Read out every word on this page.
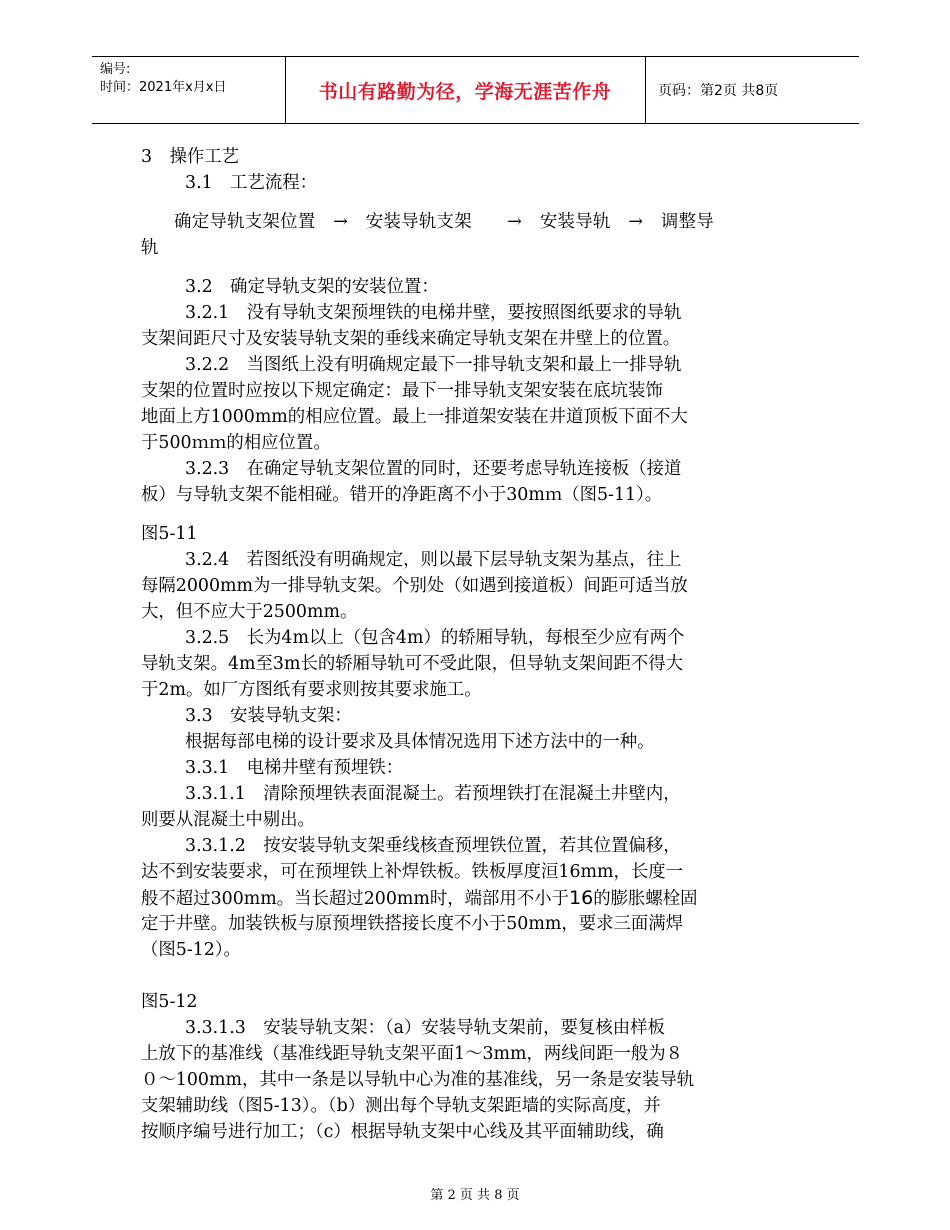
编号:
时间：2021年x月x日	书山有路勤为径，学海无涯苦作舟	页码：第2页 共8页
3　操作工艺
3.1　工艺流程：
确定导轨支架位置　→　安装导轨支架　　→　安装导轨　→　调整导
轨
3.2　确定导轨支架的安装位置：
3.2.1　没有导轨支架预埋铁的电梯井壁，要按照图纸要求的导轨
支架间距尺寸及安装导轨支架的垂线来确定导轨支架在井壁上的位置。
3.2.2　当图纸上没有明确规定最下一排导轨支架和最上一排导轨
支架的位置时应按以下规定确定：最下一排导轨支架安装在底坑装饰
地面上方1000mm的相应位置。最上一排道架安装在井道顶板下面不大
于500ｍｍ的相应位置。
3.2.3　在确定导轨支架位置的同时，还要考虑导轨连接板（接道
板）与导轨支架不能相碰。错开的净距离不小于30mｍ（图5-11）。
图5-11
3.2.4　若图纸没有明确规定，则以最下层导轨支架为基点，往上
每隔2000mm为一排导轨支架。个别处（如遇到接道板）间距可适当放
大，但不应大于2500mm。
3.2.5　长为4m以上（包含4m）的轿厢导轨，每根至少应有两个
导轨支架。4m至3m长的轿厢导轨可不受此限，但导轨支架间距不得大
于2m。如厂方图纸有要求则按其要求施工。
3.3　安装导轨支架：
根据每部电梯的设计要求及具体情况选用下述方法中的一种。
3.3.1　电梯井壁有预埋铁：
3.3.1.1　清除预埋铁表面混凝土。若预埋铁打在混凝土井壁内，
则要从混凝土中剔出。
3.3.1.2　按安装导轨支架垂线核查预埋铁位置，若其位置偏移，
达不到安装要求，可在预埋铁上补焊铁板。铁板厚度洹16mm，长度一
般不超过300mm。当长超过200mm时，端部用不小于16的膨胀螺栓固
定于井壁。加装铁板与原预埋铁搭接长度不小于50mm，要求三面满焊
（图5-12）。
图5-12
3.3.1.3　安装导轨支架：（a）安装导轨支架前，要复核由样板
上放下的基准线（基准线距导轨支架平面1～3mm，两线间距一般为８
０～100mm，其中一条是以导轨中心为准的基准线，另一条是安装导轨
支架辅助线（图5-13）。（b）测出每个导轨支架距墙的实际高度，并
按顺序编号进行加工；（c）根据导轨支架中心线及其平面辅助线，确
第 2 页 共 8 页
